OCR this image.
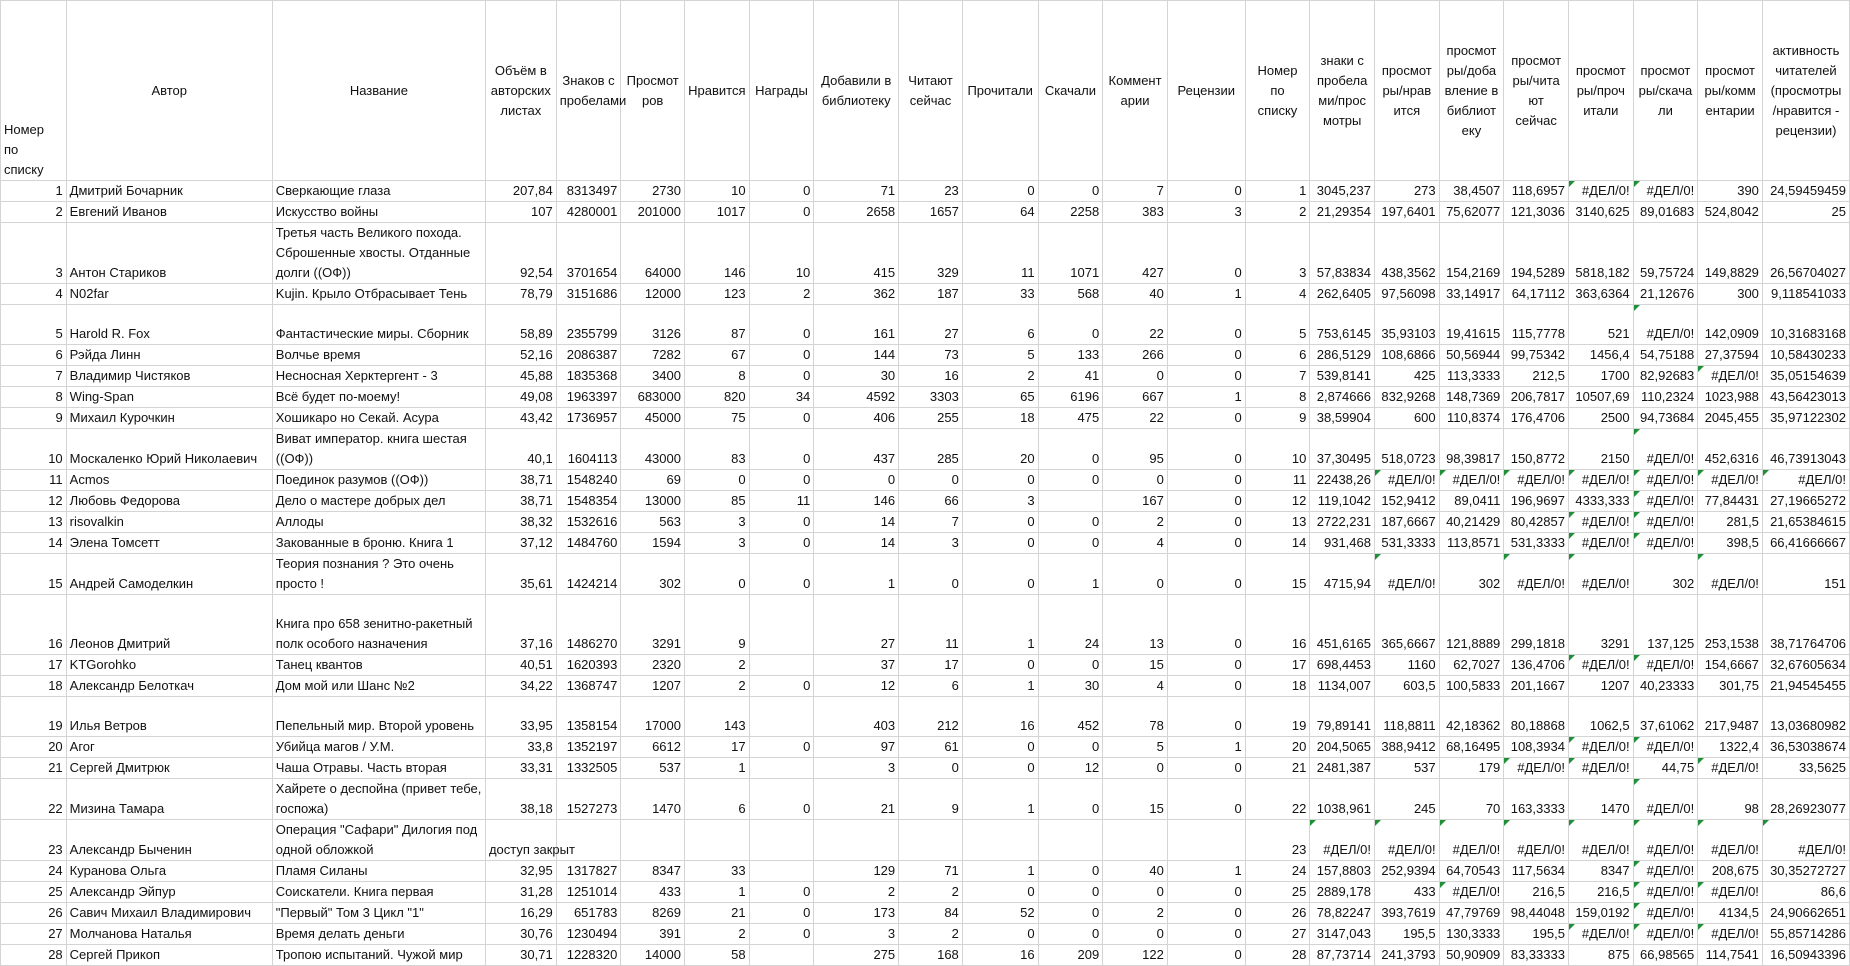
Номер
по
списку	Автор	Название	Объём в
авторских
листах	Знаков с
пробелами	Просмот
ров	Нравится	Награды	Добавили в
библиотеку	Читают
сейчас	Прочитали	Скачали	Коммент
арии	Рецензии	Номер
по
списку	знаки с
пробела
ми/прос
мотры	просмот
ры/нрав
ится	просмот
ры/доба
вление в
библиот
еку	просмот
ры/чита
ют
сейчас	просмот
ры/проч
итали	просмот
ры/скача
ли	просмот
ры/комм
ентарии	активность
читателей
(просмотры
/нравится -
рецензии)
1	Дмитрий Бочарник	Сверкающие глаза	207,84	8313497	2730	10	0	71	23	0	0	7	0	1	3045,237	273	38,4507	118,6957	#ДЕЛ/0!	#ДЕЛ/0!	390	24,59459459
2	Евгений Иванов	Искусство войны	107	4280001	201000	1017	0	2658	1657	64	2258	383	3	2	21,29354	197,6401	75,62077	121,3036	3140,625	89,01683	524,8042	25
3	Антон Стариков	Третья часть Великого похода. Сброшенные хвосты. Отданные долги ((ОФ))	92,54	3701654	64000	146	10	415	329	11	1071	427	0	3	57,83834	438,3562	154,2169	194,5289	5818,182	59,75724	149,8829	26,56704027
4	N02far	Kujin. Крыло Отбрасывает Тень	78,79	3151686	12000	123	2	362	187	33	568	40	1	4	262,6405	97,56098	33,14917	64,17112	363,6364	21,12676	300	9,118541033
5	Harold R. Fox	Фантастические миры. Сборник	58,89	2355799	3126	87	0	161	27	6	0	22	0	5	753,6145	35,93103	19,41615	115,7778	521	#ДЕЛ/0!	142,0909	10,31683168
6	Рэйда Линн	Волчье время	52,16	2086387	7282	67	0	144	73	5	133	266	0	6	286,5129	108,6866	50,56944	99,75342	1456,4	54,75188	27,37594	10,58430233
7	Владимир Чистяков	Несносная Херктергент - 3	45,88	1835368	3400	8	0	30	16	2	41	0	0	7	539,8141	425	113,3333	212,5	1700	82,92683	#ДЕЛ/0!	35,05154639
8	Wing-Span	Всё будет по-моему!	49,08	1963397	683000	820	34	4592	3303	65	6196	667	1	8	2,874666	832,9268	148,7369	206,7817	10507,69	110,2324	1023,988	43,56423013
9	Михаил Курочкин	Хошикаро но Секай. Асура	43,42	1736957	45000	75	0	406	255	18	475	22	0	9	38,59904	600	110,8374	176,4706	2500	94,73684	2045,455	35,97122302
10	Москаленко Юрий Николаевич	Виват император. книга шестая ((ОФ))	40,1	1604113	43000	83	0	437	285	20	0	95	0	10	37,30495	518,0723	98,39817	150,8772	2150	#ДЕЛ/0!	452,6316	46,73913043
11	Acmos	Поединок разумов ((ОФ))	38,71	1548240	69	0	0	0	0	0	0	0	0	11	22438,26	#ДЕЛ/0!	#ДЕЛ/0!	#ДЕЛ/0!	#ДЕЛ/0!	#ДЕЛ/0!	#ДЕЛ/0!	#ДЕЛ/0!
12	Любовь Федорова	Дело о мастере добрых дел	38,71	1548354	13000	85	11	146	66	3		167	0	12	119,1042	152,9412	89,0411	196,9697	4333,333	#ДЕЛ/0!	77,84431	27,19665272
13	risovalkin	Аллоды	38,32	1532616	563	3	0	14	7	0	0	2	0	13	2722,231	187,6667	40,21429	80,42857	#ДЕЛ/0!	#ДЕЛ/0!	281,5	21,65384615
14	Элена Томсетт	Закованные в броню. Книга 1	37,12	1484760	1594	3	0	14	3	0	0	4	0	14	931,468	531,3333	113,8571	531,3333	#ДЕЛ/0!	#ДЕЛ/0!	398,5	66,41666667
15	Андрей Самоделкин	Теория познания ? Это очень просто !	35,61	1424214	302	0	0	1	0	0	1	0	0	15	4715,94	#ДЕЛ/0!	302	#ДЕЛ/0!	#ДЕЛ/0!	302	#ДЕЛ/0!	151
16	Леонов Дмитрий	Книга про 658 зенитно-ракетный полк особого назначения	37,16	1486270	3291	9		27	11	1	24	13	0	16	451,6165	365,6667	121,8889	299,1818	3291	137,125	253,1538	38,71764706
17	KTGorohko	Танец квантов	40,51	1620393	2320	2		37	17	0	0	15	0	17	698,4453	1160	62,7027	136,4706	#ДЕЛ/0!	#ДЕЛ/0!	154,6667	32,67605634
18	Александр Белоткач	Дом мой или Шанс №2	34,22	1368747	1207	2	0	12	6	1	30	4	0	18	1134,007	603,5	100,5833	201,1667	1207	40,23333	301,75	21,94545455
19	Илья Ветров	Пепельный мир. Второй уровень	33,95	1358154	17000	143		403	212	16	452	78	0	19	79,89141	118,8811	42,18362	80,18868	1062,5	37,61062	217,9487	13,03680982
20	Агог	Убийца магов / У.М.	33,8	1352197	6612	17	0	97	61	0	0	5	1	20	204,5065	388,9412	68,16495	108,3934	#ДЕЛ/0!	#ДЕЛ/0!	1322,4	36,53038674
21	Сергей Дмитрюк	Чаша Отравы. Часть вторая	33,31	1332505	537	1		3	0	0	12	0	0	21	2481,387	537	179	#ДЕЛ/0!	#ДЕЛ/0!	44,75	#ДЕЛ/0!	33,5625
22	Мизина Тамара	Хайрете о деспойна (привет тебе, госпожа)	38,18	1527273	1470	6	0	21	9	1	0	15	0	22	1038,961	245	70	163,3333	1470	#ДЕЛ/0!	98	28,26923077
23	Александр Быченин	Операция "Сафари" Дилогия под одной обложкой	доступ закрыт											23	#ДЕЛ/0!	#ДЕЛ/0!	#ДЕЛ/0!	#ДЕЛ/0!	#ДЕЛ/0!	#ДЕЛ/0!	#ДЕЛ/0!	#ДЕЛ/0!
24	Куранова Ольга	Пламя Силаны	32,95	1317827	8347	33		129	71	1	0	40	1	24	157,8803	252,9394	64,70543	117,5634	8347	#ДЕЛ/0!	208,675	30,35272727
25	Александр Эйпур	Соискатели. Книга первая	31,28	1251014	433	1	0	2	2	0	0	0	0	25	2889,178	433	#ДЕЛ/0!	216,5	216,5	#ДЕЛ/0!	#ДЕЛ/0!	86,6
26	Савич Михаил Владимирович	"Первый" Том 3 Цикл "1"	16,29	651783	8269	21	0	173	84	52	0	2	0	26	78,82247	393,7619	47,79769	98,44048	159,0192	#ДЕЛ/0!	4134,5	24,90662651
27	Молчанова Наталья	Время делать деньги	30,76	1230494	391	2	0	3	2	0	0	0	0	27	3147,043	195,5	130,3333	195,5	#ДЕЛ/0!	#ДЕЛ/0!	#ДЕЛ/0!	55,85714286
28	Сергей Прикоп	Тропою испытаний. Чужой мир	30,71	1228320	14000	58		275	168	16	209	122	0	28	87,73714	241,3793	50,90909	83,33333	875	66,98565	114,7541	16,50943396
